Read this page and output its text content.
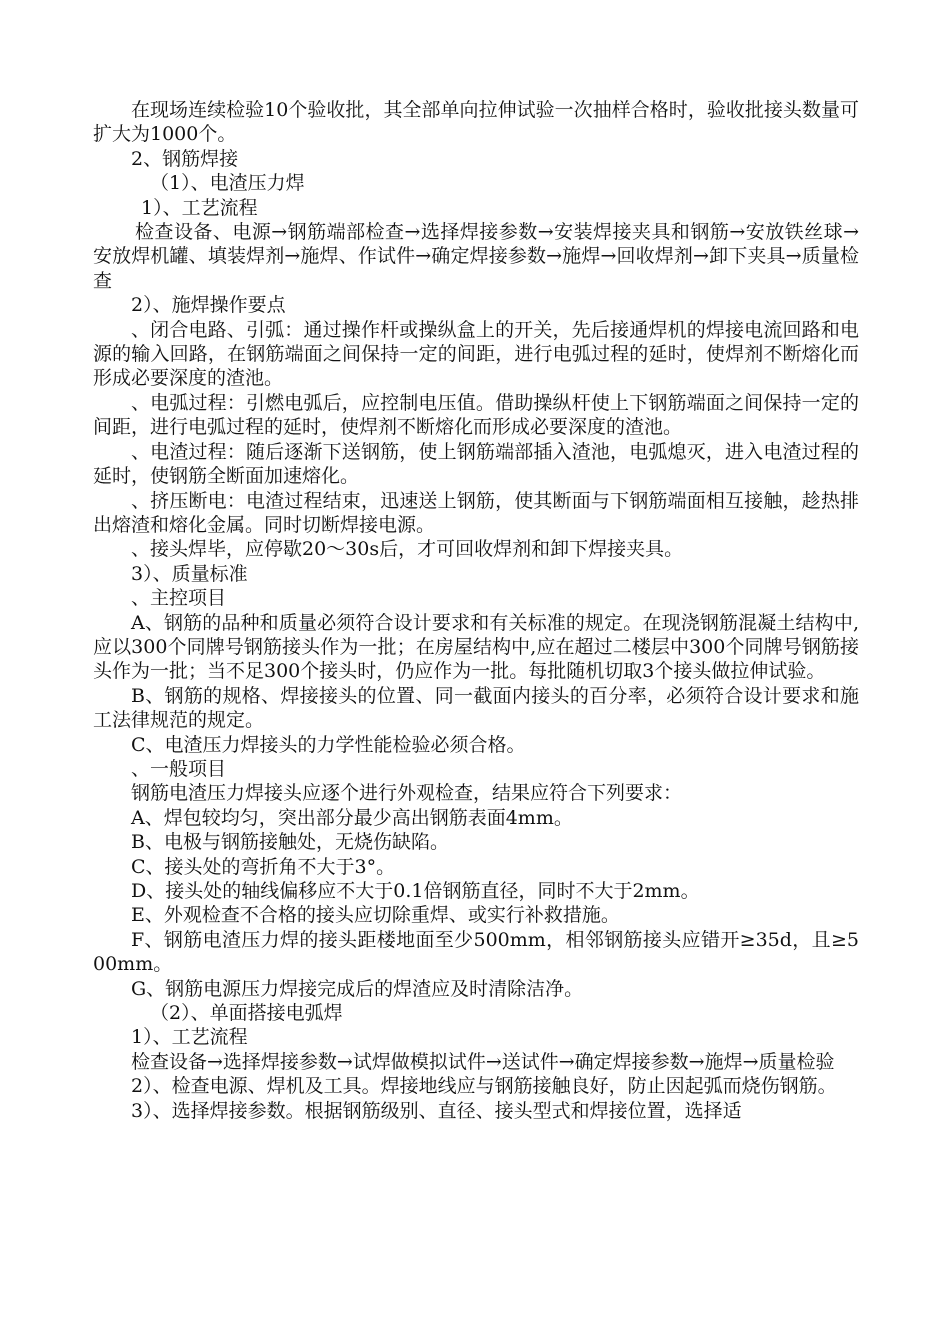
在现场连续检验10个验收批，其全部单向拉伸试验一次抽样合格时，验收批接头数量可扩大为1000个。

2、钢筋焊接

（1）、电渣压力焊

1）、工艺流程

检查设备、电源→钢筋端部检查→选择焊接参数→安装焊接夹具和钢筋→安放铁丝球→安放焊机罐、填装焊剂→施焊、作试件→确定焊接参数→施焊→回收焊剂→卸下夹具→质量检查

2）、施焊操作要点

、闭合电路、引弧：通过操作杆或操纵盒上的开关，先后接通焊机的焊接电流回路和电源的输入回路，在钢筋端面之间保持一定的间距，进行电弧过程的延时，使焊剂不断熔化而形成必要深度的渣池。

、电弧过程：引燃电弧后，应控制电压值。借助操纵杆使上下钢筋端面之间保持一定的间距，进行电弧过程的延时，使焊剂不断熔化而形成必要深度的渣池。

、电渣过程：随后逐渐下送钢筋，使上钢筋端部插入渣池，电弧熄灭，进入电渣过程的延时，使钢筋全断面加速熔化。

、挤压断电：电渣过程结束，迅速送上钢筋，使其断面与下钢筋端面相互接触，趁热排出熔渣和熔化金属。同时切断焊接电源。

、接头焊毕，应停歇20～30s后，才可回收焊剂和卸下焊接夹具。

3）、质量标准

、主控项目

A、钢筋的品种和质量必须符合设计要求和有关标准的规定。在现浇钢筋混凝土结构中,应以300个同牌号钢筋接头作为一批；在房屋结构中,应在超过二楼层中300个同牌号钢筋接头作为一批；当不足300个接头时，仍应作为一批。每批随机切取3个接头做拉伸试验。

B、钢筋的规格、焊接接头的位置、同一截面内接头的百分率，必须符合设计要求和施工法律规范的规定。

C、电渣压力焊接头的力学性能检验必须合格。

、一般项目

钢筋电渣压力焊接头应逐个进行外观检查，结果应符合下列要求：

A、焊包较均匀，突出部分最少高出钢筋表面4mm。

B、电极与钢筋接触处，无烧伤缺陷。

C、接头处的弯折角不大于3°。

D、接头处的轴线偏移应不大于0.1倍钢筋直径，同时不大于2mm。

E、外观检查不合格的接头应切除重焊、或实行补救措施。

F、钢筋电渣压力焊的接头距楼地面至少500mm，相邻钢筋接头应错开≥35d，且≥500mm。

G、钢筋电源压力焊接完成后的焊渣应及时清除洁净。

（2）、单面搭接电弧焊

1）、工艺流程

检查设备→选择焊接参数→试焊做模拟试件→送试件→确定焊接参数→施焊→质量检验

2）、检查电源、焊机及工具。焊接地线应与钢筋接触良好，防止因起弧而烧伤钢筋。

3）、选择焊接参数。根据钢筋级别、直径、接头型式和焊接位置，选择适
